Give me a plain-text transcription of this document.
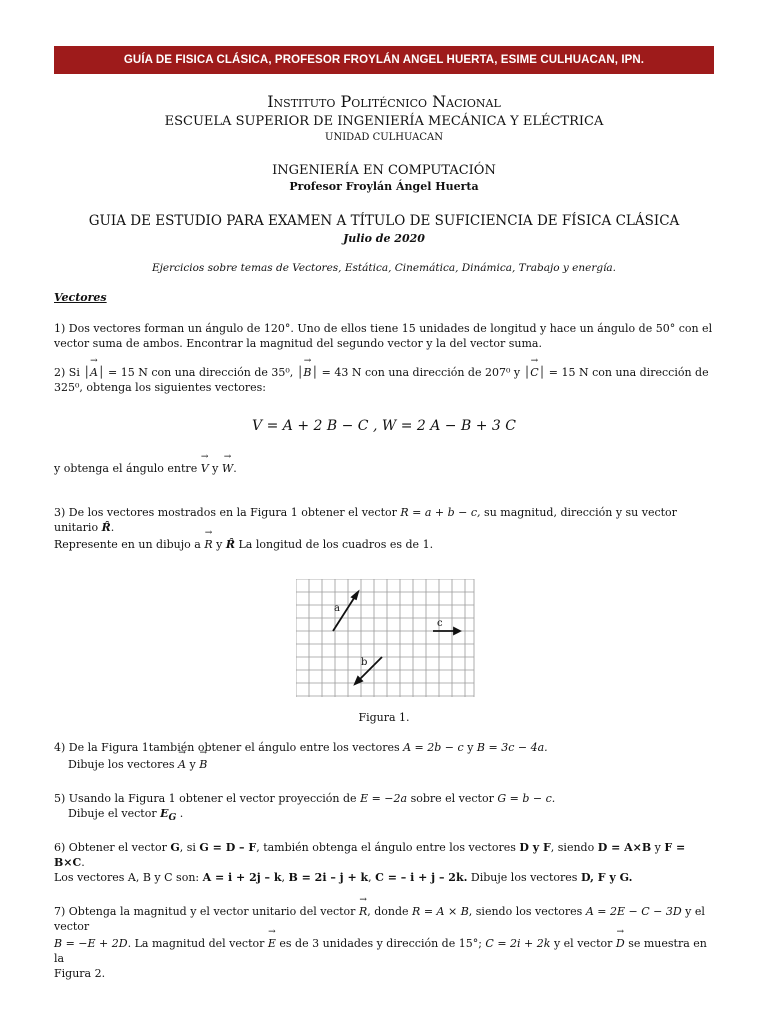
GUÍA DE FISICA CLÁSICA, PROFESOR FROYLÁN ANGEL HUERTA, ESIME CULHUACAN, IPN.
Instituto Politécnico Nacional
ESCUELA SUPERIOR DE INGENIERÍA MECÁNICA Y ELÉCTRICA
UNIDAD CULHUACAN
INGENIERÍA EN COMPUTACIÓN
Profesor Froylán Ángel Huerta
GUIA DE ESTUDIO PARA EXAMEN A TÍTULO DE SUFICIENCIA DE FÍSICA CLÁSICA
Julio de 2020
Ejercicios sobre temas de Vectores, Estática, Cinemática, Dinámica, Trabajo y energía.
Vectores
1) Dos vectores forman un ángulo de 120°. Uno de ellos tiene 15 unidades de longitud y hace un ángulo de 50° con el vector suma de ambos. Encontrar la magnitud del segundo vector y la del vector suma.
2) Si │→ A│ = 15 N con una dirección de 35⁰, │→ B│ = 43 N con una dirección de 207⁰ y │→ C│ = 15 N con una dirección de
325⁰, obtenga los siguientes vectores:
V = A + 2 B − C , W = 2 A − B + 3 C
y obtenga el ángulo entre → V y → W.
3) De los vectores mostrados en la Figura 1 obtener el vector R = a + b − c, su magnitud, dirección y su vector unitario R̂.
Represente en un dibujo a → R y R̂ La longitud de los cuadros es de 1.
a
b
c
Figura 1.
4) De la Figura 1también obtener el ángulo entre los vectores A = 2b − c y B = 3c − 4a.
Dibuje los vectores → A y → B
5) Usando la Figura 1 obtener el vector proyección de E = −2a sobre el vector G = b − c.
Dibuje el vector $E_G$ .
6) Obtener el vector G, si G = D – F, también obtenga el ángulo entre los vectores D y F, siendo D = A×B y F = B×C.
Los vectores A, B y C son: A = i + 2j – k, B = 2i – j + k, C = – i + j – 2k. Dibuje los vectores D, F y G.
7) Obtenga la magnitud y el vector unitario del vector → R, donde R = A × B, siendo los vectores A = 2E − C − 3D y el vector
B = −E + 2D. La magnitud del vector → E es de 3 unidades y dirección de 15°; C = 2i + 2k y el vector → D se muestra en la
Figura 2.
